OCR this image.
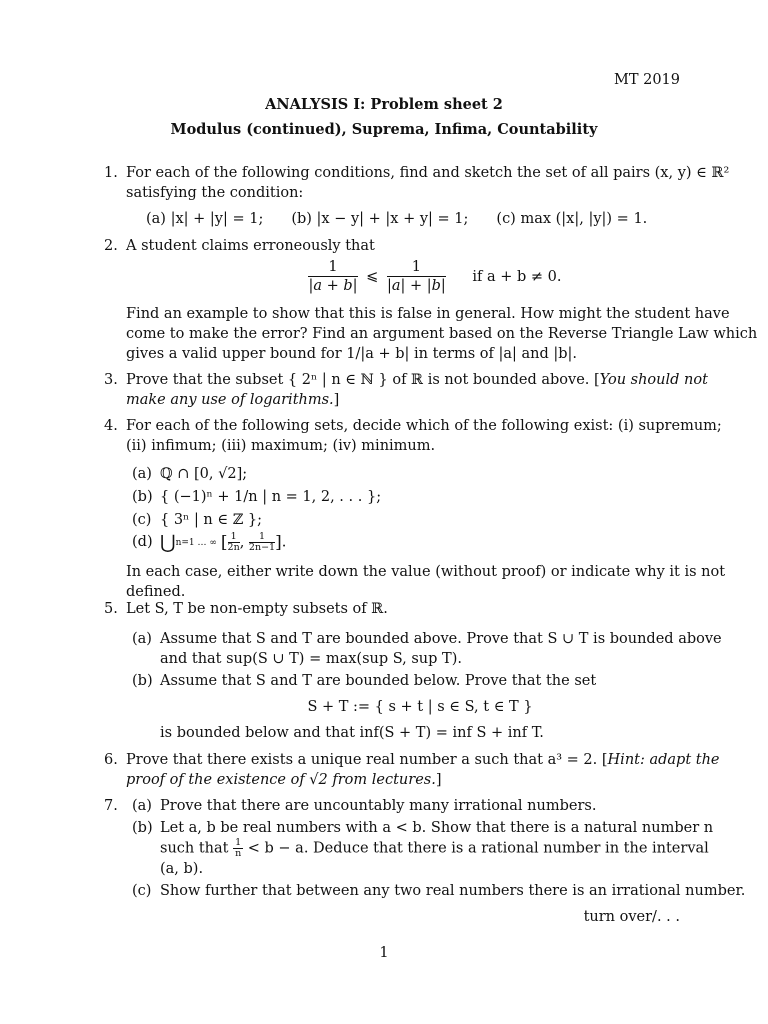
MT 2019
ANALYSIS I: Problem sheet 2
Modulus (continued), Suprema, Infima, Countability
1. For each of the following conditions, find and sketch the set of all pairs (x, y) ∈ ℝ²
satisfying the condition:
(a) |x| + |y| = 1; (b) |x − y| + |x + y| = 1; (c) max (|x|, |y|) = 1.
2. A student claims erroneously that
$\frac{1}{|a + b|}$ ⩽ $\frac{1}{|a| + |b|}$ if a + b ≠ 0.
Find an example to show that this is false in general. How might the student have
come to make the error? Find an argument based on the Reverse Triangle Law which
gives a valid upper bound for 1/|a + b| in terms of |a| and |b|.
3. Prove that the subset { 2ⁿ | n ∈ ℕ } of ℝ is not bounded above. [You should not
make any use of logarithms.]
4. For each of the following sets, decide which of the following exist: (i) supremum;
(ii) infimum; (iii) maximum; (iv) minimum.
(a) ℚ ∩ [0, √2];
(b) { (−1)ⁿ + 1/n | n = 1, 2, . . . };
(c) { 3ⁿ | n ∈ ℤ };
(d) ⋃n=1 … ∞ [ $\frac{1}{2n}$ , $\frac{1}{2n-1}$ ].
In each case, either write down the value (without proof) or indicate why it is not
defined.
5. Let S, T be non-empty subsets of ℝ.
(a) Assume that S and T are bounded above. Prove that S ∪ T is bounded above
and that sup(S ∪ T) = max(sup S, sup T).
(b) Assume that S and T are bounded below. Prove that the set
S + T := { s + t | s ∈ S, t ∈ T }
is bounded below and that inf(S + T) = inf S + inf T.
6. Prove that there exists a unique real number a such that a³ = 2. [Hint: adapt the
proof of the existence of √2 from lectures.]
7. (a) Prove that there are uncountably many irrational numbers.
(b) Let a, b be real numbers with a < b. Show that there is a natural number n
such that $\frac{1}{n} < b - a$. Deduce that there is a rational number in the interval
(a, b).
(c) Show further that between any two real numbers there is an irrational number.
turn over/. . .
1
